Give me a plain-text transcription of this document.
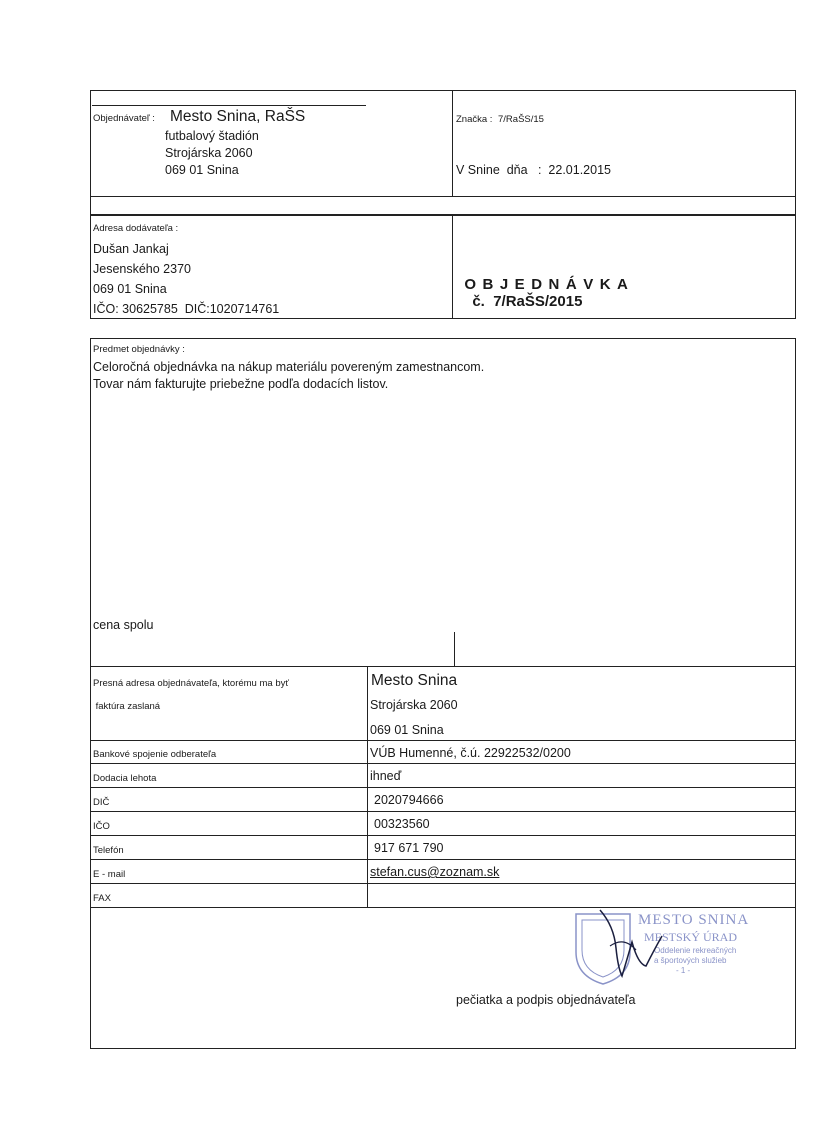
Objednávateľ : Mesto Snina, RaŠS
futbalový štadión
Strojárska 2060
069 01 Snina
Značka : 7/RaŠS/15
V Snine  dňa   :  22.01.2015
Adresa dodávateľa :
Dušan Jankaj
Jesenského 2370
069 01 Snina
IČO: 30625785  DIČ:1020714761

OBJEDNÁVKA
č.  7/RaŠS/2015

Predmet objednávky :
Celoročná objednávka na nákup materiálu povereným zamestnancom.
Tovar nám fakturujte priebežne podľa dodacích listov.
cena spolu
Presná adresa objednávateľa, ktorému ma byť
faktúra zaslaná
Mesto Snina
Strojárska 2060
069 01 Snina
Bankové spojenie odberateľa	VÚB Humenné, č.ú. 22922532/0200
Dodacia lehota	ihneď
DIČ	2020794666
IČO	00323560
Telefón	917 671 790
E - mail	stefan.cus@zoznam.sk
FAX
MESTO SNINA
MESTSKÝ ÚRAD
Oddelenie rekreačných
a športových služieb
- 1 -
pečiatka a podpis objednávateľa
